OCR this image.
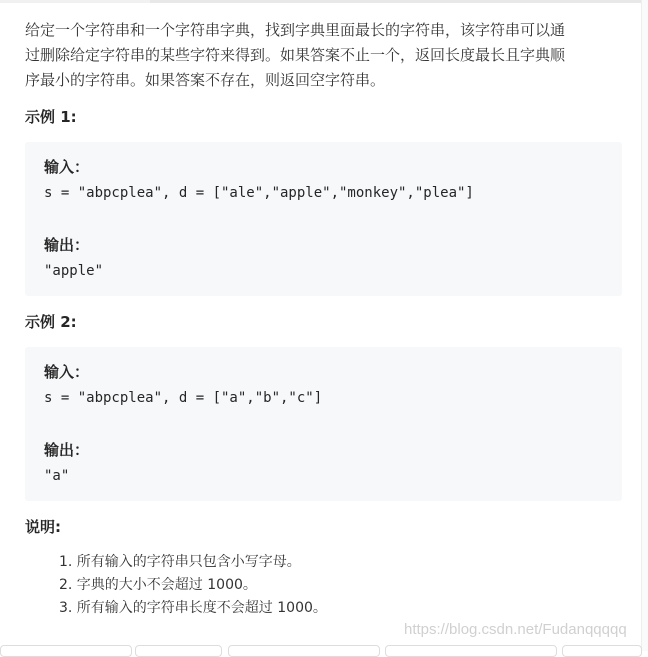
给定一个字符串和一个字符串字典，找到字典里面最长的字符串，该字符串可以通
过删除给定字符串的某些字符来得到。如果答案不止一个，返回长度最长且字典顺
序最小的字符串。如果答案不存在，则返回空字符串。

示例 1:
输入：
s = "abpcplea", d = ["ale","apple","monkey","plea"]
输出：
"apple"
示例 2:
输入：
s = "abpcplea", d = ["a","b","c"]
输出：
"a"
说明:
1. 所有输入的字符串只包含小写字母。
2. 字典的大小不会超过 1000。
3. 所有输入的字符串长度不会超过 1000。
https://blog.csdn.net/Fudanqqqqq
